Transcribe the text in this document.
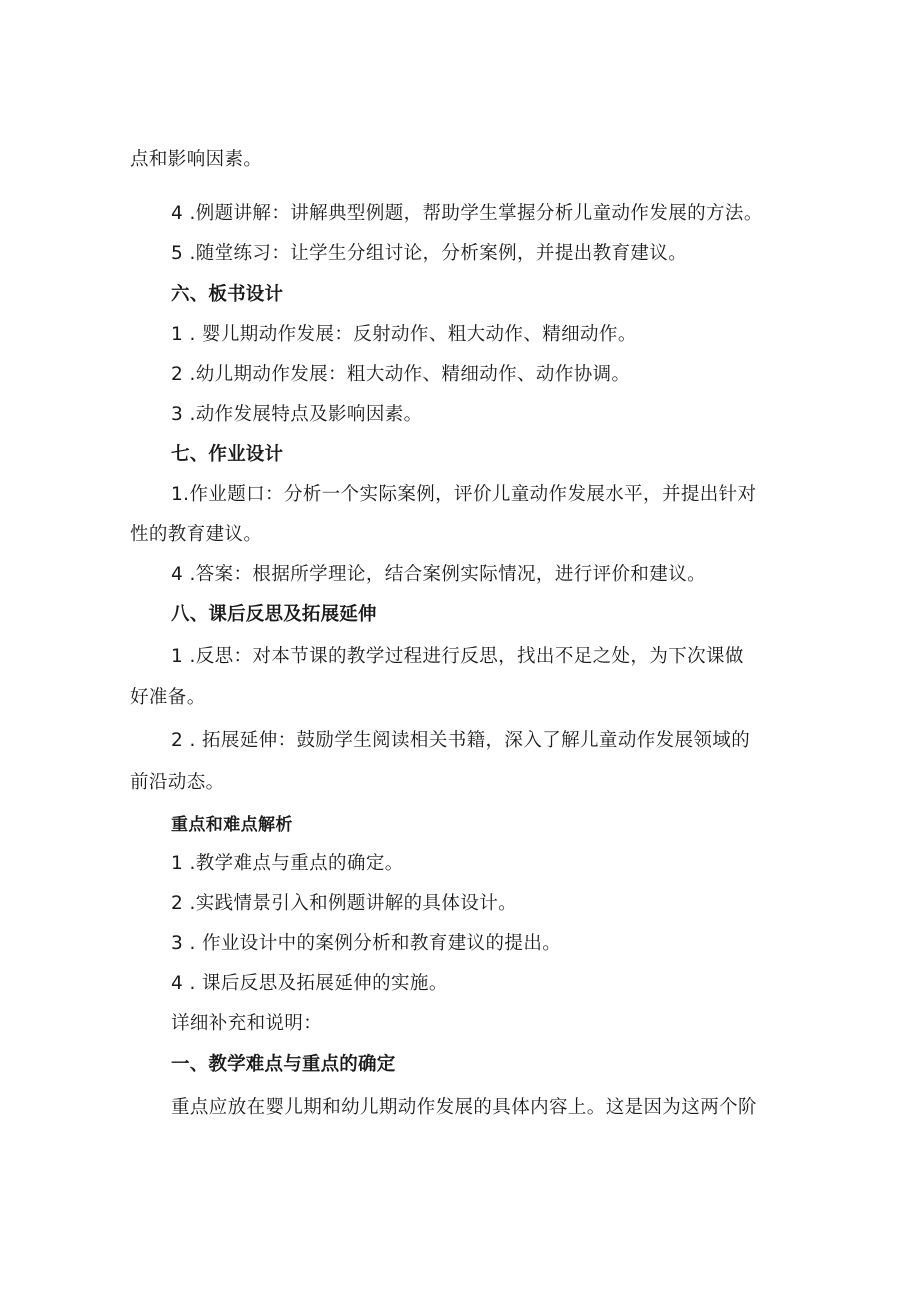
点和影响因素。
4 .例题讲解：讲解典型例题，帮助学生掌握分析儿童动作发展的方法。
5 .随堂练习：让学生分组讨论，分析案例，并提出教育建议。
六、板书设计
1 . 婴儿期动作发展：反射动作、粗大动作、精细动作。
2 .幼儿期动作发展：粗大动作、精细动作、动作协调。
3 .动作发展特点及影响因素。
七、作业设计
1.作业题口：分析一个实际案例，评价儿童动作发展水平，并提出针对
性的教育建议。
4 .答案：根据所学理论，结合案例实际情况，进行评价和建议。
八、课后反思及拓展延伸
1 .反思：对本节课的教学过程进行反思，找出不足之处，为下次课做
好准备。
2 . 拓展延伸：鼓励学生阅读相关书籍，深入了解儿童动作发展领域的
前沿动态。
重点和难点解析
1 .教学难点与重点的确定。
2 .实践情景引入和例题讲解的具体设计。
3 . 作业设计中的案例分析和教育建议的提出。
4 . 课后反思及拓展延伸的实施。
详细补充和说明：
一、教学难点与重点的确定
重点应放在婴儿期和幼儿期动作发展的具体内容上。这是因为这两个阶
